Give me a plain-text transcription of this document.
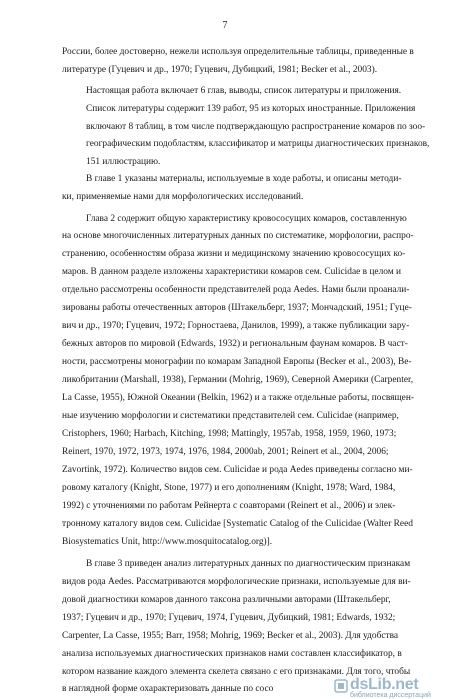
7
России, более достоверно, нежели используя определительные таблицы, приведенные в
литературе (Гуцевич и др., 1970; Гуцевич, Дубицкий, 1981; Becker et al., 2003).
Настоящая работа включает 6 глав, выводы, список литературы и приложения.
Список литературы содержит 139 работ, 95 из которых иностранные. Приложения
включают 8 таблиц, в том числе подтверждающую распространение комаров по зоо-
географическим подобластям, классификатор и матрицы диагностических признаков,
151 иллюстрацию.
В главе 1 указаны материалы, используемые в ходе работы, и описаны методи-
ки, применяемые нами для морфологических исследований.
Глава 2 содержит общую характеристику кровососущих комаров, составленную
на основе многочисленных литературных данных по систематике, морфологии, распро-
странению, особенностям образа жизни и медицинскому значению кровососущих ко-
маров. В данном разделе изложены характеристики комаров сем. Culicidae в целом и
отдельно рассмотрены особенности представителей рода Aedes. Нами были проанали-
зированы работы отечественных авторов (Штакельберг, 1937; Мончадский, 1951; Гуце-
вич и др., 1970; Гуцевич, 1972; Горностаева, Данилов, 1999), а также публикации зару-
бежных авторов по мировой (Edwards, 1932) и региональным фаунам комаров. В част-
ности, рассмотрены монографии по комарам Западной Европы (Becker et al., 2003), Ве-
ликобритании (Marshall, 1938), Германии (Mohrig, 1969), Северной Америки (Carpenter,
La Casse, 1955), Южной Океании (Belkin, 1962) и а также отдельные работы, посвящен-
ные изучению морфологии и систематики представителей сем. Culicidae (например,
Cristophers, 1960; Harbach, Kitching, 1998; Mattingly, 1957ab, 1958, 1959, 1960, 1973;
Reinert, 1970, 1972, 1973, 1974, 1976, 1984, 2000ab, 2001; Reinert et al., 2004, 2006;
Zavortink, 1972). Количество видов сем. Culicidae и рода Aedes приведены согласно ми-
ровому каталогу (Knight, Stone, 1977) и его дополнениям (Knight, 1978; Ward, 1984,
1992) с уточнениями по работам Рейнерта с соавторами (Reinert et al., 2006) и элек-
тронному каталогу видов сем. Culicidae [Systematic Catalog of the Culicidae (Walter Reed
Biosystematics Unit, http://www.mosquitocatalog.org)].
В главе 3 приведен анализ литературных данных по диагностическим признакам
видов рода Aedes. Рассматриваются морфологические признаки, используемые для ви-
довой диагностики комаров данного таксона различными авторами (Штакельберг,
1937; Гуцевич и др., 1970; Гуцевич, 1974, Гуцевич, Дубицкий, 1981; Edwards, 1932;
Carpenter, La Casse, 1955; Barr, 1958; Mohrig, 1969; Becker et al., 2003). Для удобства
анализа используемых диагностических признаков нами составлен классификатор, в
котором название каждого элемента скелета связано с его признаками. Для того, чтобы
в наглядной форме охарактеризовать данные по сосо	dsLib.net
библиотека диссертаций
